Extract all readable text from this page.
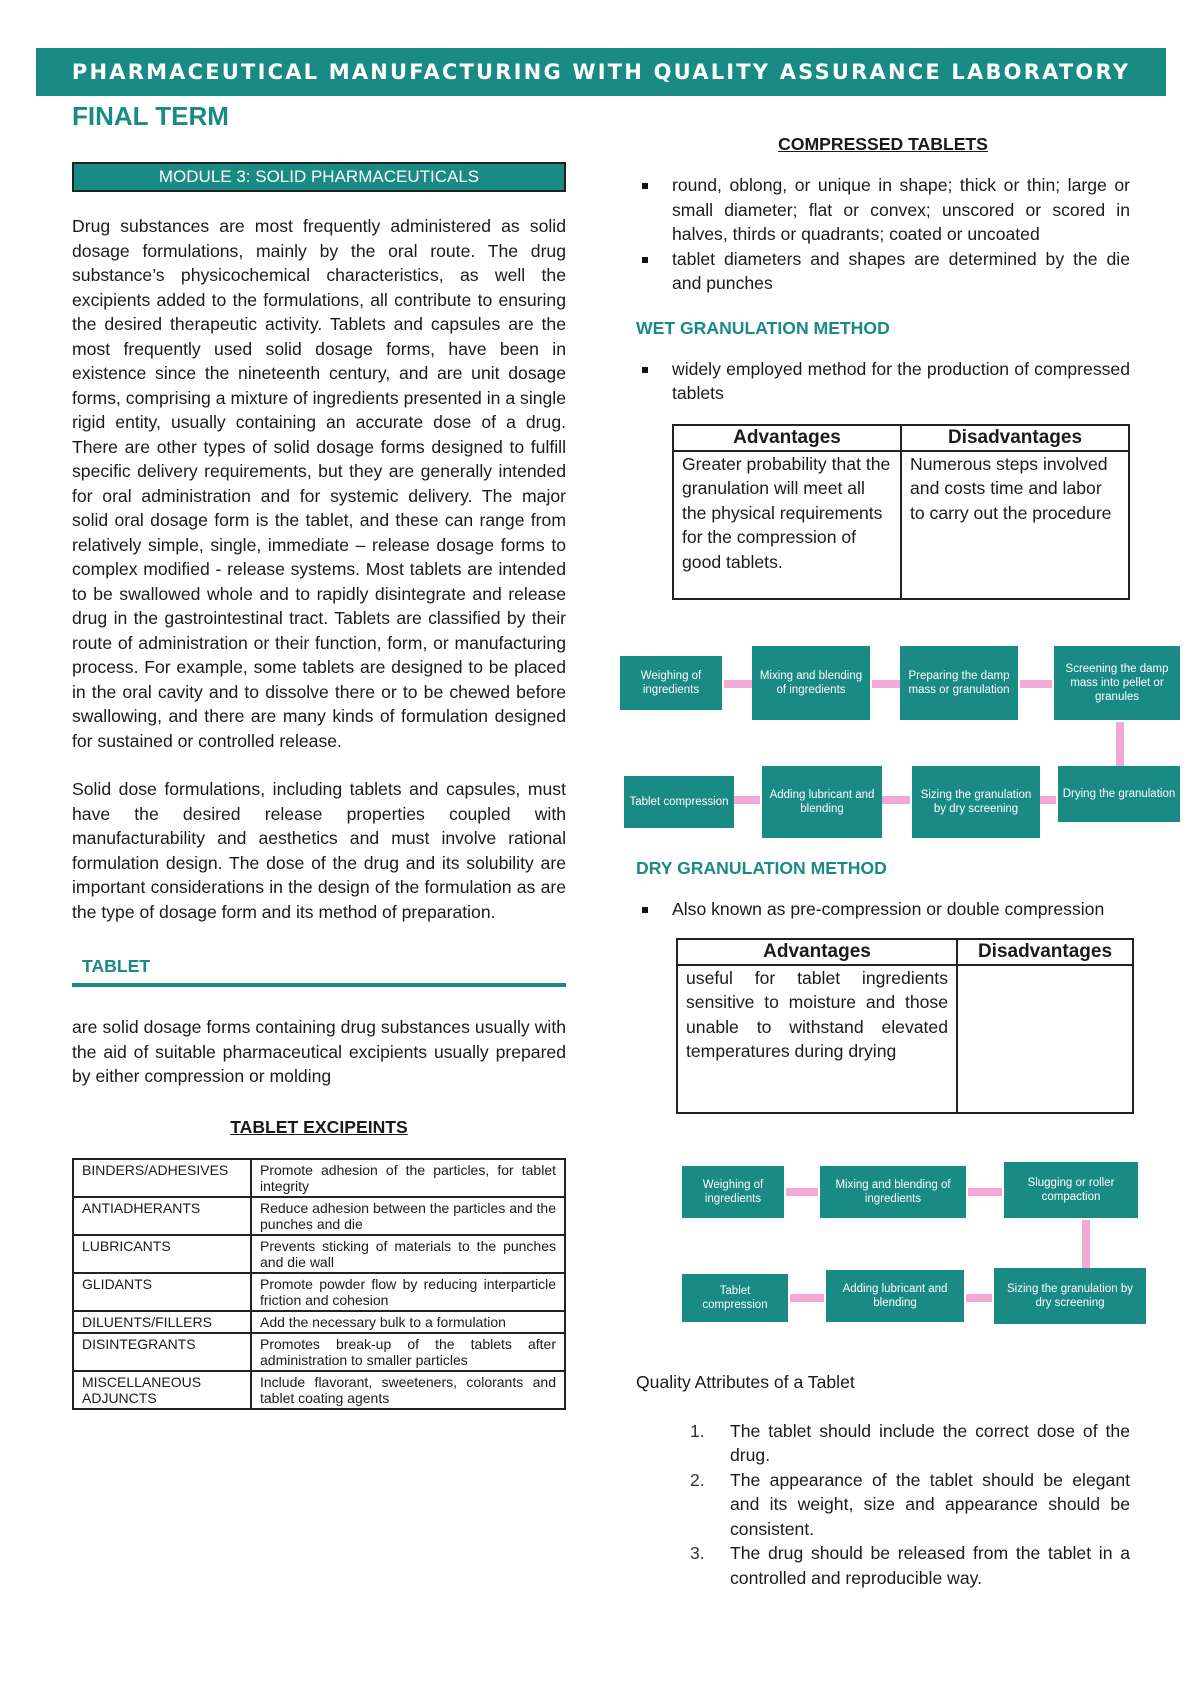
PHARMACEUTICAL MANUFACTURING WITH QUALITY ASSURANCE LABORATORY
FINAL TERM
MODULE 3: SOLID PHARMACEUTICALS

Drug substances are most frequently administered as solid dosage formulations, mainly by the oral route. The drug substance’s physicochemical characteristics, as well the excipients added to the formulations, all contribute to ensuring the desired therapeutic activity. Tablets and capsules are the most frequently used solid dosage forms, have been in existence since the nineteenth century, and are unit dosage forms, comprising a mixture of ingredients presented in a single rigid entity, usually containing an accurate dose of a drug. There are other types of solid dosage forms designed to fulfill specific delivery requirements, but they are generally intended for oral administration and for systemic delivery. The major solid oral dosage form is the tablet, and these can range from relatively simple, single, immediate – release dosage forms to complex modified - release systems. Most tablets are intended to be swallowed whole and to rapidly disintegrate and release drug in the gastrointestinal tract. Tablets are classified by their route of administration or their function, form, or manufacturing process. For example, some tablets are designed to be placed in the oral cavity and to dissolve there or to be chewed before swallowing, and there are many kinds of formulation designed for sustained or controlled release.

Solid dose formulations, including tablets and capsules, must have the desired release properties coupled with manufacturability and aesthetics and must involve rational formulation design. The dose of the drug and its solubility are important considerations in the design of the formulation as are the type of dosage form and its method of preparation.

TABLET

are solid dosage forms containing drug substances usually with the aid of suitable pharmaceutical excipients usually prepared by either compression or molding

TABLET EXCIPEINTS
BINDERS/ADHESIVES	Promote adhesion of the particles, for tablet integrity
ANTIADHERANTS	Reduce adhesion between the particles and the punches and die
LUBRICANTS	Prevents sticking of materials to the punches and die wall
GLIDANTS	Promote powder flow by reducing interparticle friction and cohesion
DILUENTS/FILLERS	Add the necessary bulk to a formulation
DISINTEGRANTS	Promotes break-up of the tablets after administration to smaller particles
MISCELLANEOUS ADJUNCTS	Include flavorant, sweeteners, colorants and tablet coating agents
COMPRESSED TABLETS
round, oblong, or unique in shape; thick or thin; large or small diameter; flat or convex; unscored or scored in halves, thirds or quadrants; coated or uncoated
tablet diameters and shapes are determined by the die and punches
WET GRANULATION METHOD
widely employed method for the production of compressed tablets
Advantages	Disadvantages
Greater probability that the granulation will meet all the physical requirements for the compression of good tablets.	Numerous steps involved and costs time and labor to carry out the procedure
Weighing of ingredients
Mixing and blending of ingredients
Preparing the damp mass or granulation
Screening the damp mass into pellet or granules
Drying the granulation
Sizing the granulation by dry screening
Adding lubricant and blending
Tablet compression
DRY GRANULATION METHOD
Also known as pre-compression or double compression
Advantages	Disadvantages
useful for tablet ingredients sensitive to moisture and those unable to withstand elevated temperatures during drying	
Weighing of ingredients
Mixing and blending of ingredients
Slugging or roller compaction
Sizing the granulation by dry screening
Adding lubricant and blending
Tablet compression
Quality Attributes of a Tablet
1. The tablet should include the correct dose of the drug.
2. The appearance of the tablet should be elegant and its weight, size and appearance should be consistent.
3. The drug should be released from the tablet in a controlled and reproducible way.
